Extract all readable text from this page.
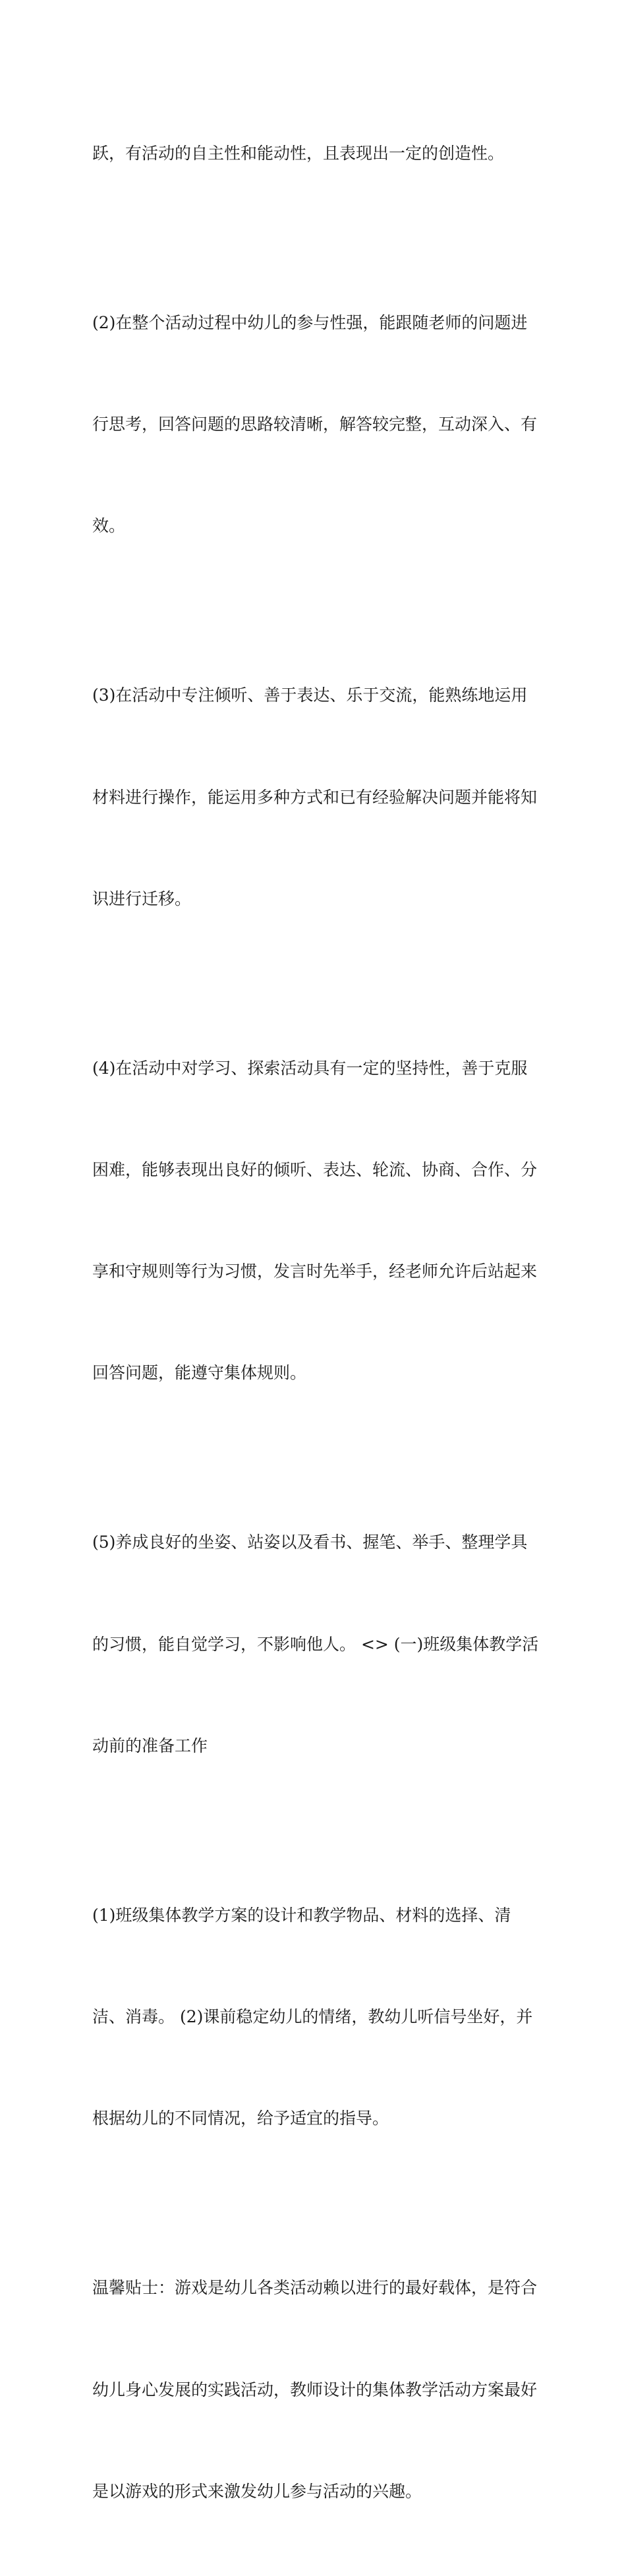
跃，有活动的自主性和能动性，且表现出一定的创造性。

(2)在整个活动过程中幼儿的参与性强，能跟随老师的问题进

行思考，回答问题的思路较清晰，解答较完整，互动深入、有

效。

(3)在活动中专注倾听、善于表达、乐于交流，能熟练地运用

材料进行操作，能运用多种方式和已有经验解决问题并能将知

识进行迁移。

(4)在活动中对学习、探索活动具有一定的坚持性，善于克服

困难，能够表现出良好的倾听、表达、轮流、协商、合作、分

享和守规则等行为习惯，发言时先举手，经老师允许后站起来

回答问题，能遵守集体规则。

(5)养成良好的坐姿、站姿以及看书、握笔、举手、整理学具

的习惯，能自觉学习，不影响他人。 <> (一)班级集体教学活

动前的准备工作

(1)班级集体教学方案的设计和教学物品、材料的选择、清

洁、消毒。 (2)课前稳定幼儿的情绪，教幼儿听信号坐好，并

根据幼儿的不同情况，给予适宜的指导。

温馨贴士：游戏是幼儿各类活动赖以进行的最好载体，是符合

幼儿身心发展的实践活动，教师设计的集体教学活动方案最好

是以游戏的形式来激发幼儿参与活动的兴趣。
